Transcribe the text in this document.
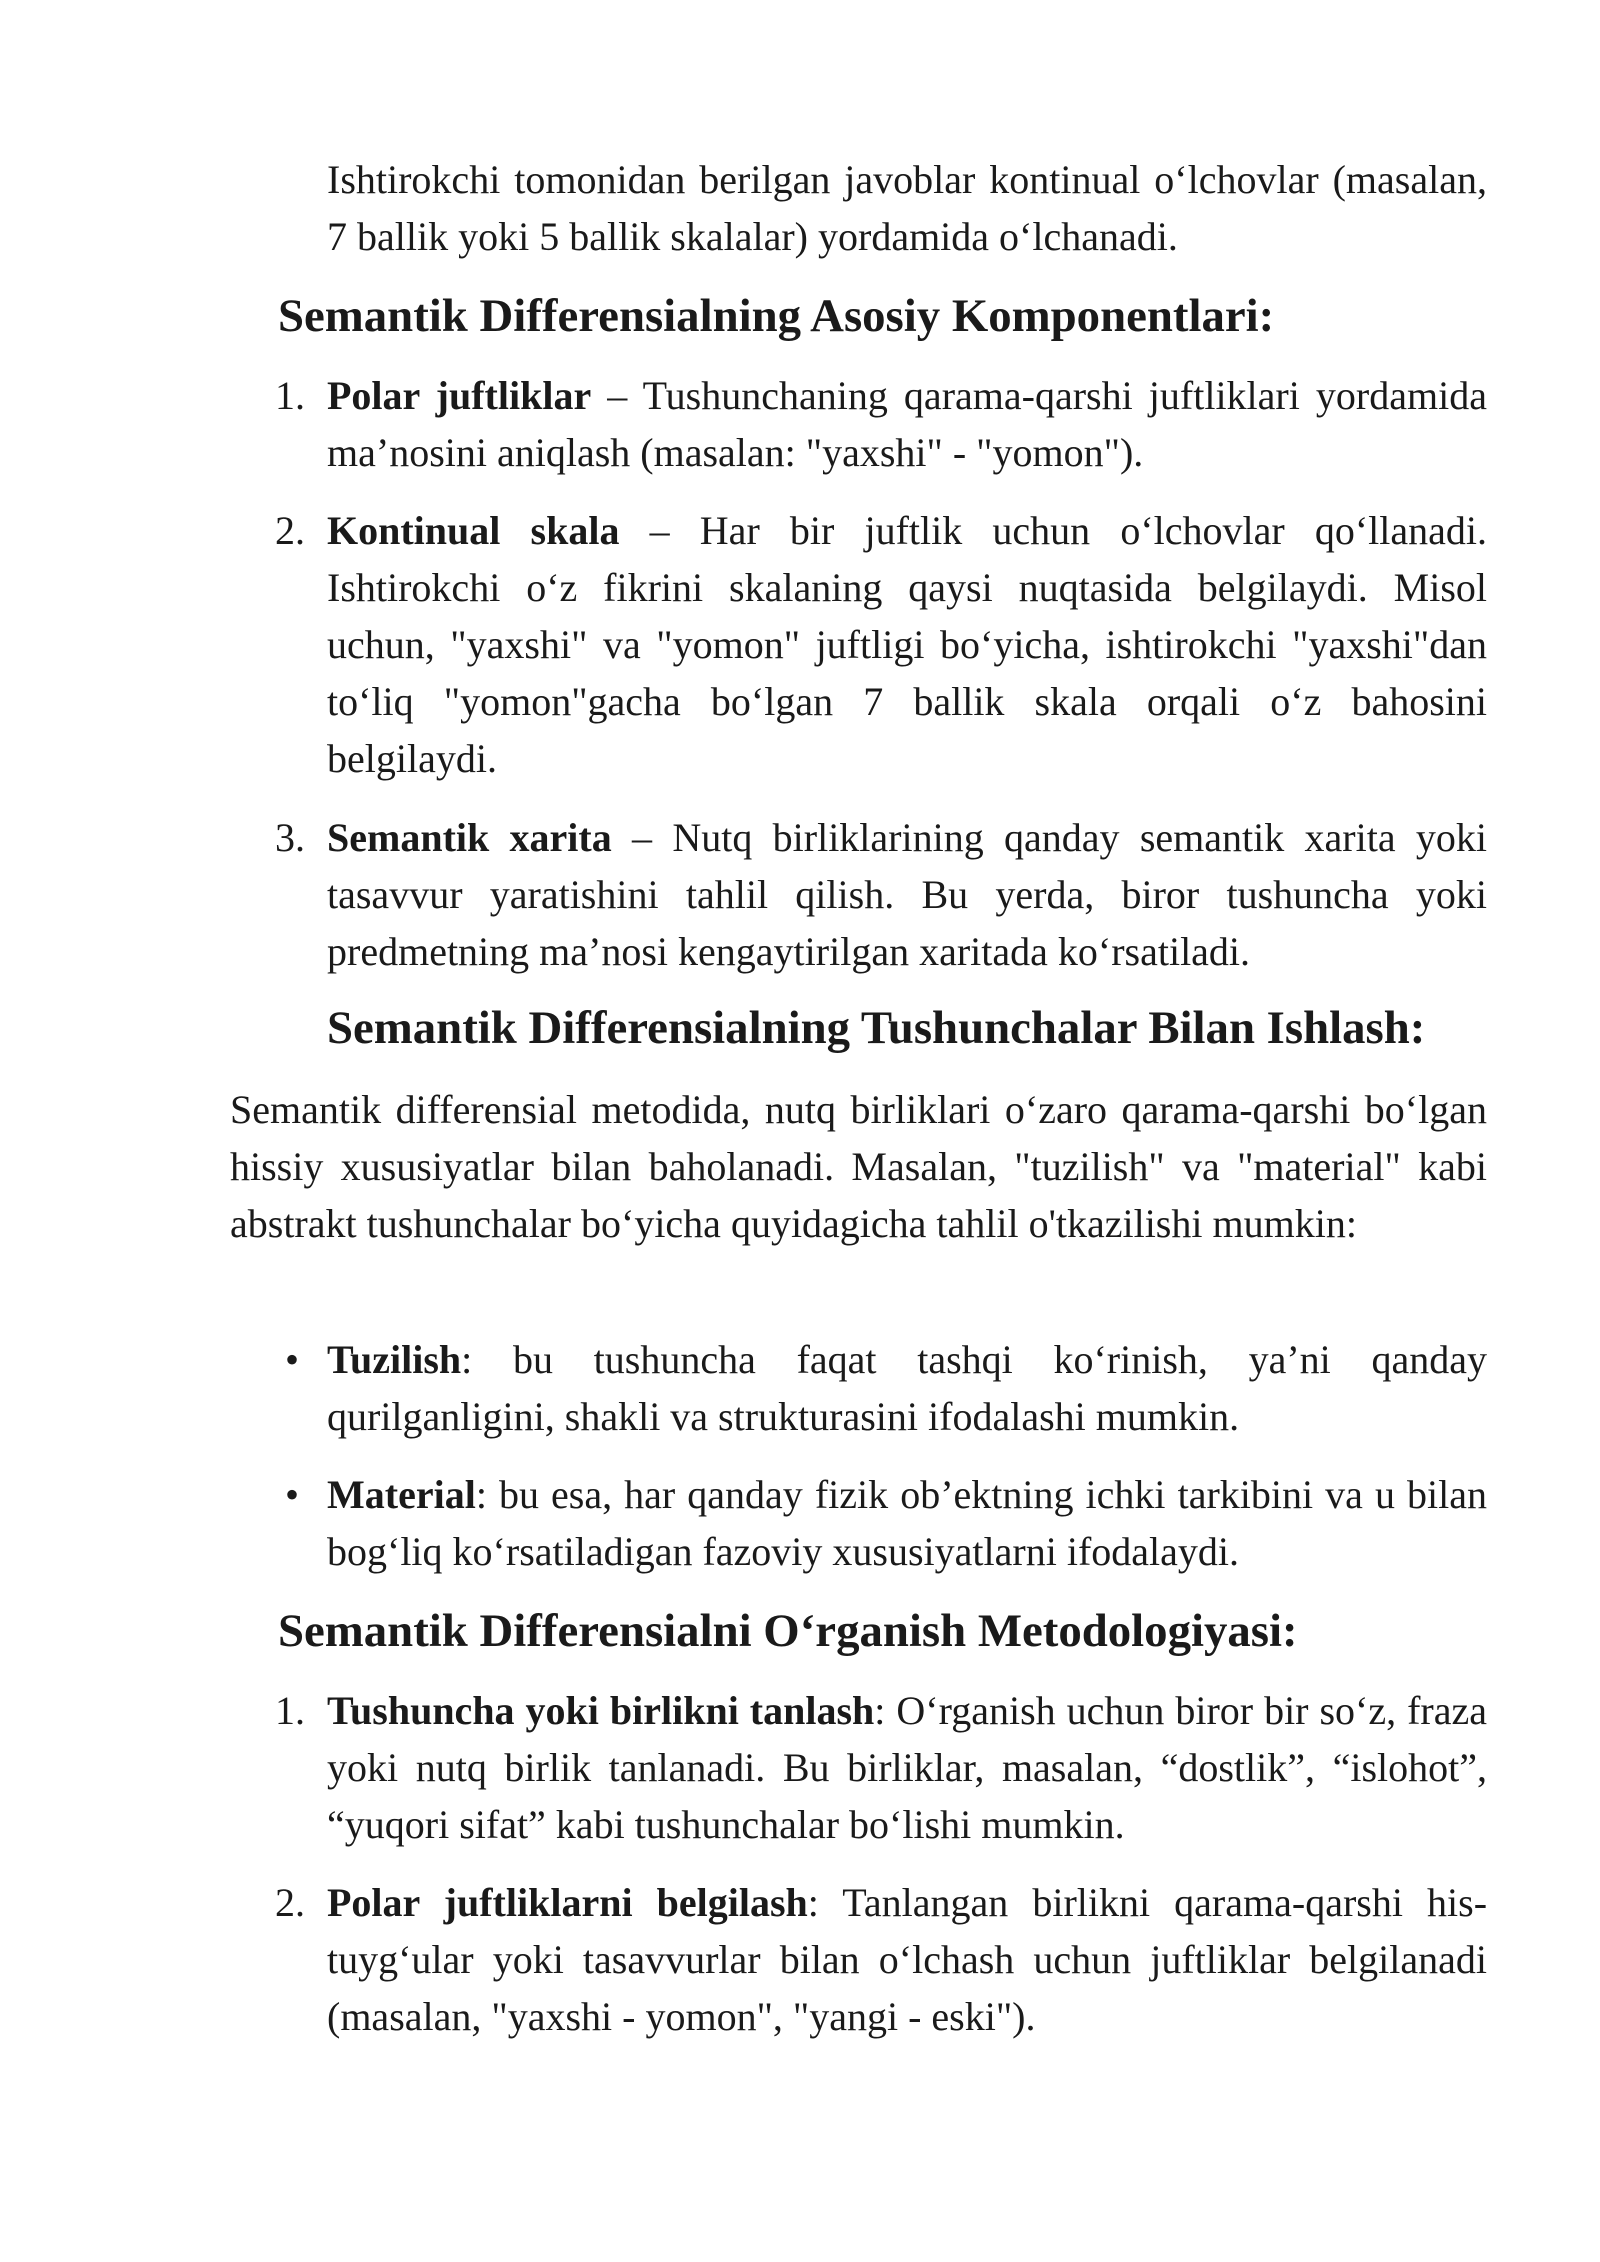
Ishtirokchi tomonidan berilgan javoblar kontinual o‘lchovlar (masalan, 7 ballik yoki 5 ballik skalalar) yordamida o‘lchanadi.

Semantik Differensialning Asosiy Komponentlari:
1. Polar juftliklar – Tushunchaning qarama-qarshi juftliklari yordamida ma’nosini aniqlash (masalan: "yaxshi" - "yomon").

2. Kontinual skala – Har bir juftlik uchun o‘lchovlar qo‘llanadi. Ishtirokchi o‘z fikrini skalaning qaysi nuqtasida belgilaydi. Misol uchun, "yaxshi" va "yomon" juftligi bo‘yicha, ishtirokchi "yaxshi"dan to‘liq "yomon"gacha bo‘lgan 7 ballik skala orqali o‘z bahosini belgilaydi.

3. Semantik xarita – Nutq birliklarining qanday semantik xarita yoki tasavvur yaratishini tahlil qilish. Bu yerda, biror tushuncha yoki predmetning ma’nosi kengaytirilgan xaritada ko‘rsatiladi.

Semantik Differensialning Tushunchalar Bilan Ishlash:

Semantik differensial metodida, nutq birliklari o‘zaro qarama-qarshi bo‘lgan hissiy xususiyatlar bilan baholanadi. Masalan, "tuzilish" va "material" kabi abstrakt tushunchalar bo‘yicha quyidagicha tahlil o'tkazilishi mumkin:

• Tuzilish: bu tushuncha faqat tashqi ko‘rinish, ya’ni qanday qurilganligini, shakli va strukturasini ifodalashi mumkin.

• Material: bu esa, har qanday fizik ob’ektning ichki tarkibini va u bilan bog‘liq ko‘rsatiladigan fazoviy xususiyatlarni ifodalaydi.

Semantik Differensialni O‘rganish Metodologiyasi:
1. Tushuncha yoki birlikni tanlash: O‘rganish uchun biror bir so‘z, fraza yoki nutq birlik tanlanadi. Bu birliklar, masalan, “dostlik”, “islohot”, “yuqori sifat” kabi tushunchalar bo‘lishi mumkin.

2. Polar juftliklarni belgilash: Tanlangan birlikni qarama-qarshi his-tuyg‘ular yoki tasavvurlar bilan o‘lchash uchun juftliklar belgilanadi (masalan, "yaxshi - yomon", "yangi - eski").
